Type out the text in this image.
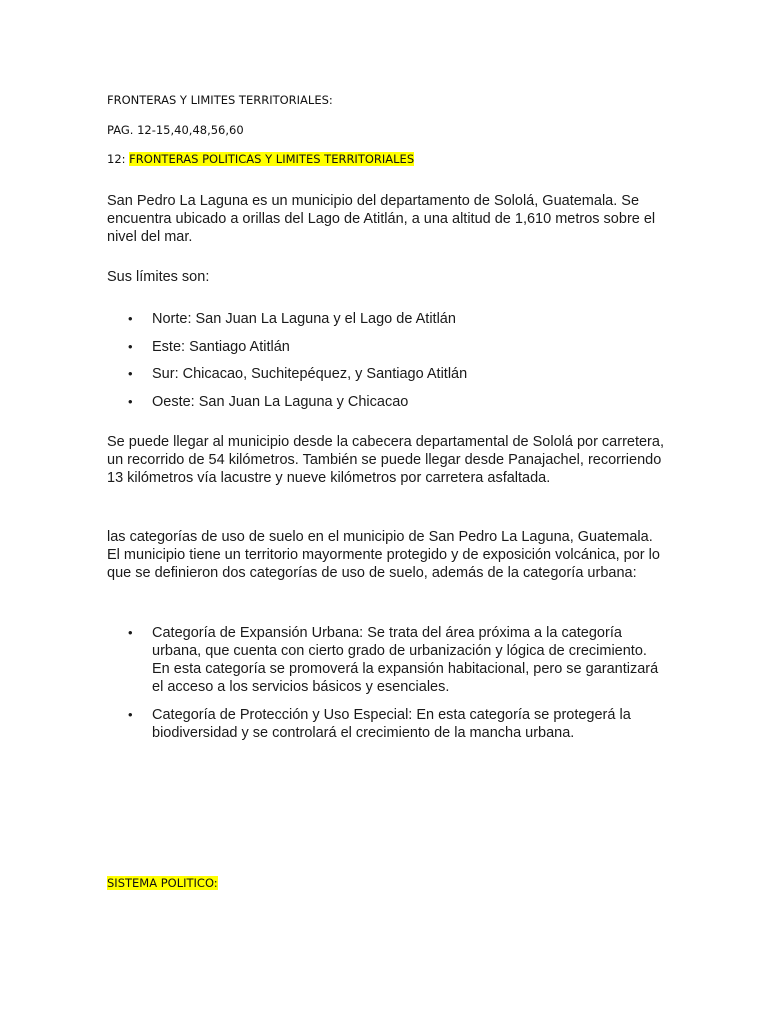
FRONTERAS Y LIMITES TERRITORIALES:
PAG. 12-15,40,48,56,60
12: FRONTERAS POLITICAS Y LIMITES TERRITORIALES

San Pedro La Laguna es un municipio del departamento de Sololá, Guatemala. Se encuentra ubicado a orillas del Lago de Atitlán, a una altitud de 1,610 metros sobre el nivel del mar.

Sus límites son:

• Norte: San Juan La Laguna y el Lago de Atitlán
• Este: Santiago Atitlán
• Sur: Chicacao, Suchitepéquez, y Santiago Atitlán
• Oeste: San Juan La Laguna y Chicacao

Se puede llegar al municipio desde la cabecera departamental de Sololá por carretera, un recorrido de 54 kilómetros. También se puede llegar desde Panajachel, recorriendo 13 kilómetros vía lacustre y nueve kilómetros por carretera asfaltada.

las categorías de uso de suelo en el municipio de San Pedro La Laguna, Guatemala. El municipio tiene un territorio mayormente protegido y de exposición volcánica, por lo que se definieron dos categorías de uso de suelo, además de la categoría urbana:

• Categoría de Expansión Urbana: Se trata del área próxima a la categoría urbana, que cuenta con cierto grado de urbanización y lógica de crecimiento. En esta categoría se promoverá la expansión habitacional, pero se garantizará el acceso a los servicios básicos y esenciales.
• Categoría de Protección y Uso Especial: En esta categoría se protegerá la biodiversidad y se controlará el crecimiento de la mancha urbana.
SISTEMA POLITICO:
